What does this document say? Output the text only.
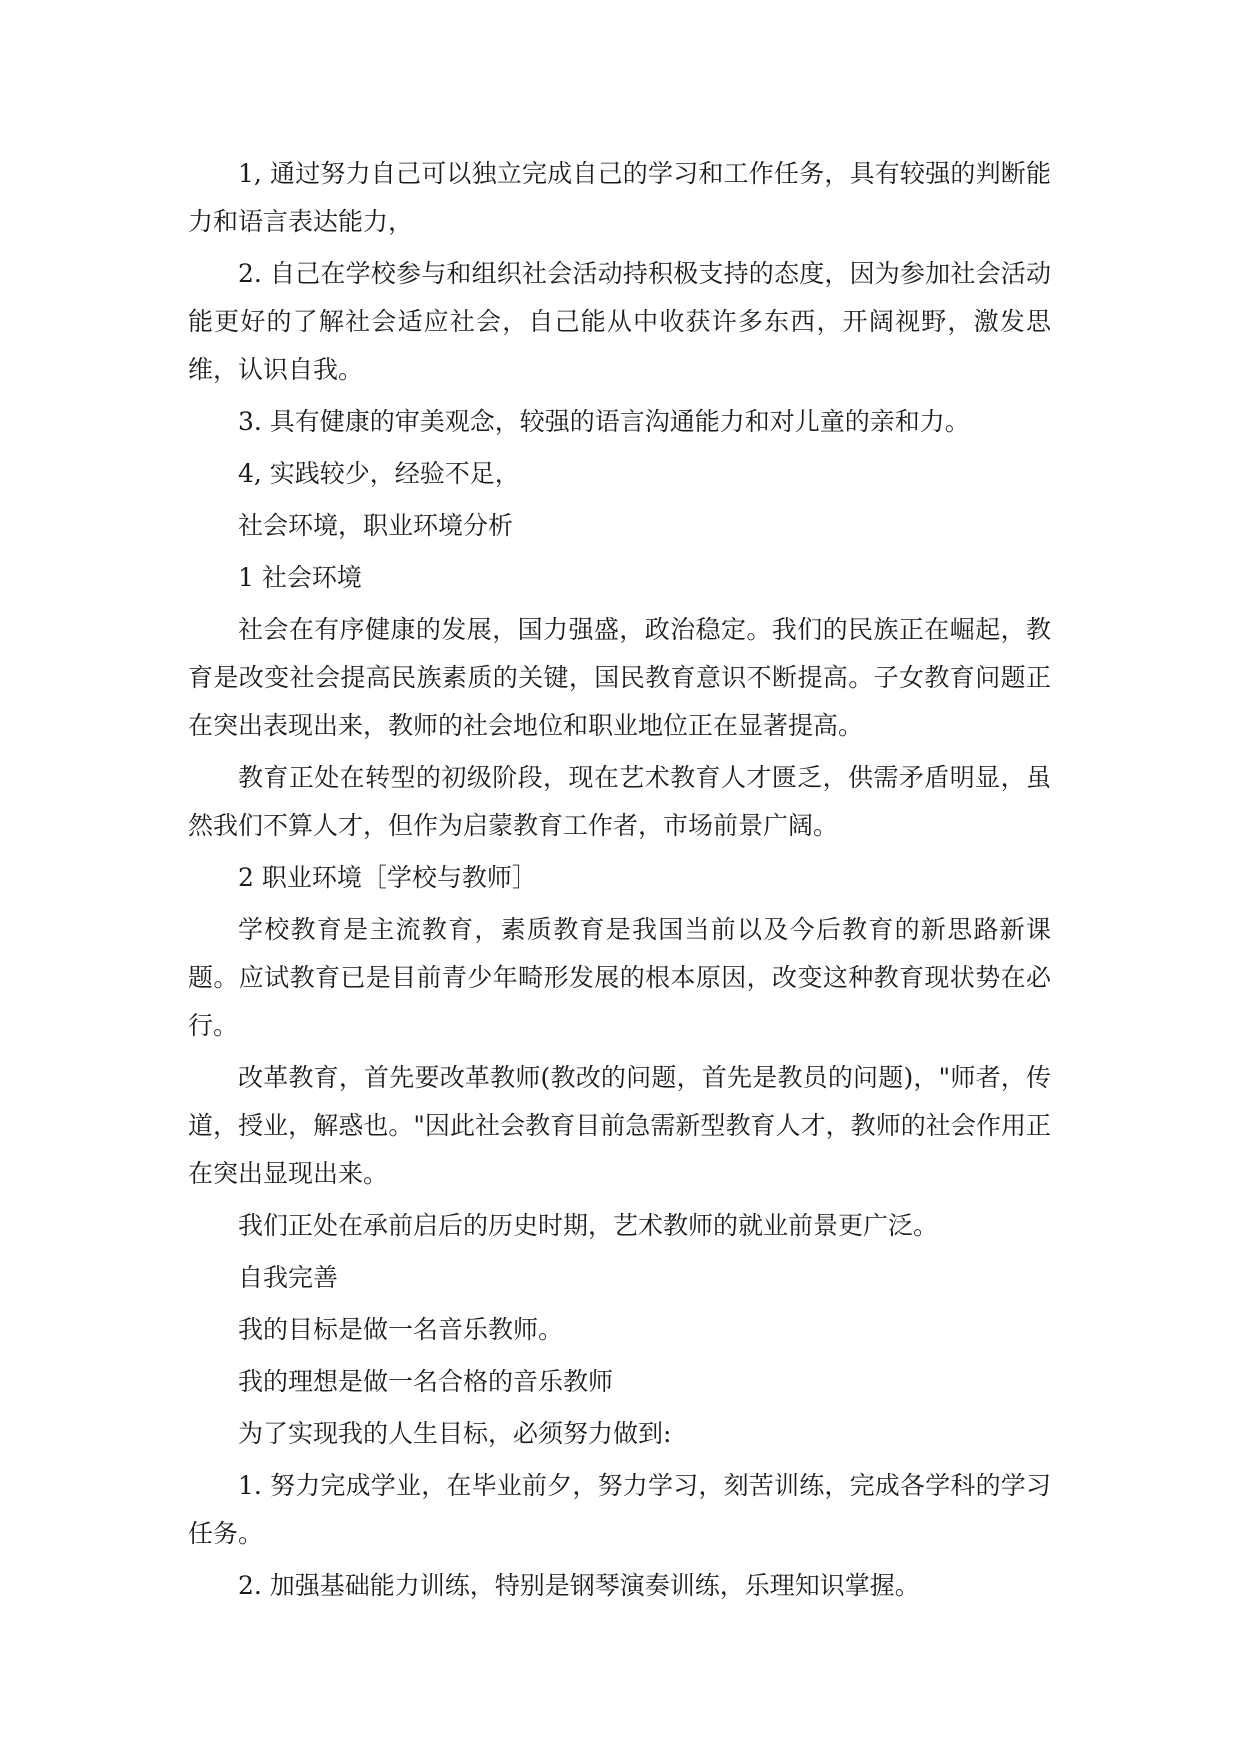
1, 通过努力自己可以独立完成自己的学习和工作任务，具有较强的判断能力和语言表达能力，

2. 自己在学校参与和组织社会活动持积极支持的态度，因为参加社会活动能更好的了解社会适应社会，自己能从中收获许多东西，开阔视野，激发思维，认识自我。

3. 具有健康的审美观念，较强的语言沟通能力和对儿童的亲和力。

4, 实践较少，经验不足，

社会环境，职业环境分析

1 社会环境

社会在有序健康的发展，国力强盛，政治稳定。我们的民族正在崛起，教育是改变社会提高民族素质的关键，国民教育意识不断提高。子女教育问题正在突出表现出来，教师的社会地位和职业地位正在显著提高。

教育正处在转型的初级阶段，现在艺术教育人才匮乏，供需矛盾明显，虽然我们不算人才，但作为启蒙教育工作者，市场前景广阔。

2 职业环境［学校与教师］

学校教育是主流教育，素质教育是我国当前以及今后教育的新思路新课题。应试教育已是目前青少年畸形发展的根本原因，改变这种教育现状势在必行。

改革教育，首先要改革教师(教改的问题，首先是教员的问题)，"师者，传道，授业，解惑也。"因此社会教育目前急需新型教育人才，教师的社会作用正在突出显现出来。

我们正处在承前启后的历史时期，艺术教师的就业前景更广泛。

自我完善

我的目标是做一名音乐教师。

我的理想是做一名合格的音乐教师

为了实现我的人生目标，必须努力做到:

1. 努力完成学业，在毕业前夕，努力学习，刻苦训练，完成各学科的学习任务。

2. 加强基础能力训练，特别是钢琴演奏训练，乐理知识掌握。
